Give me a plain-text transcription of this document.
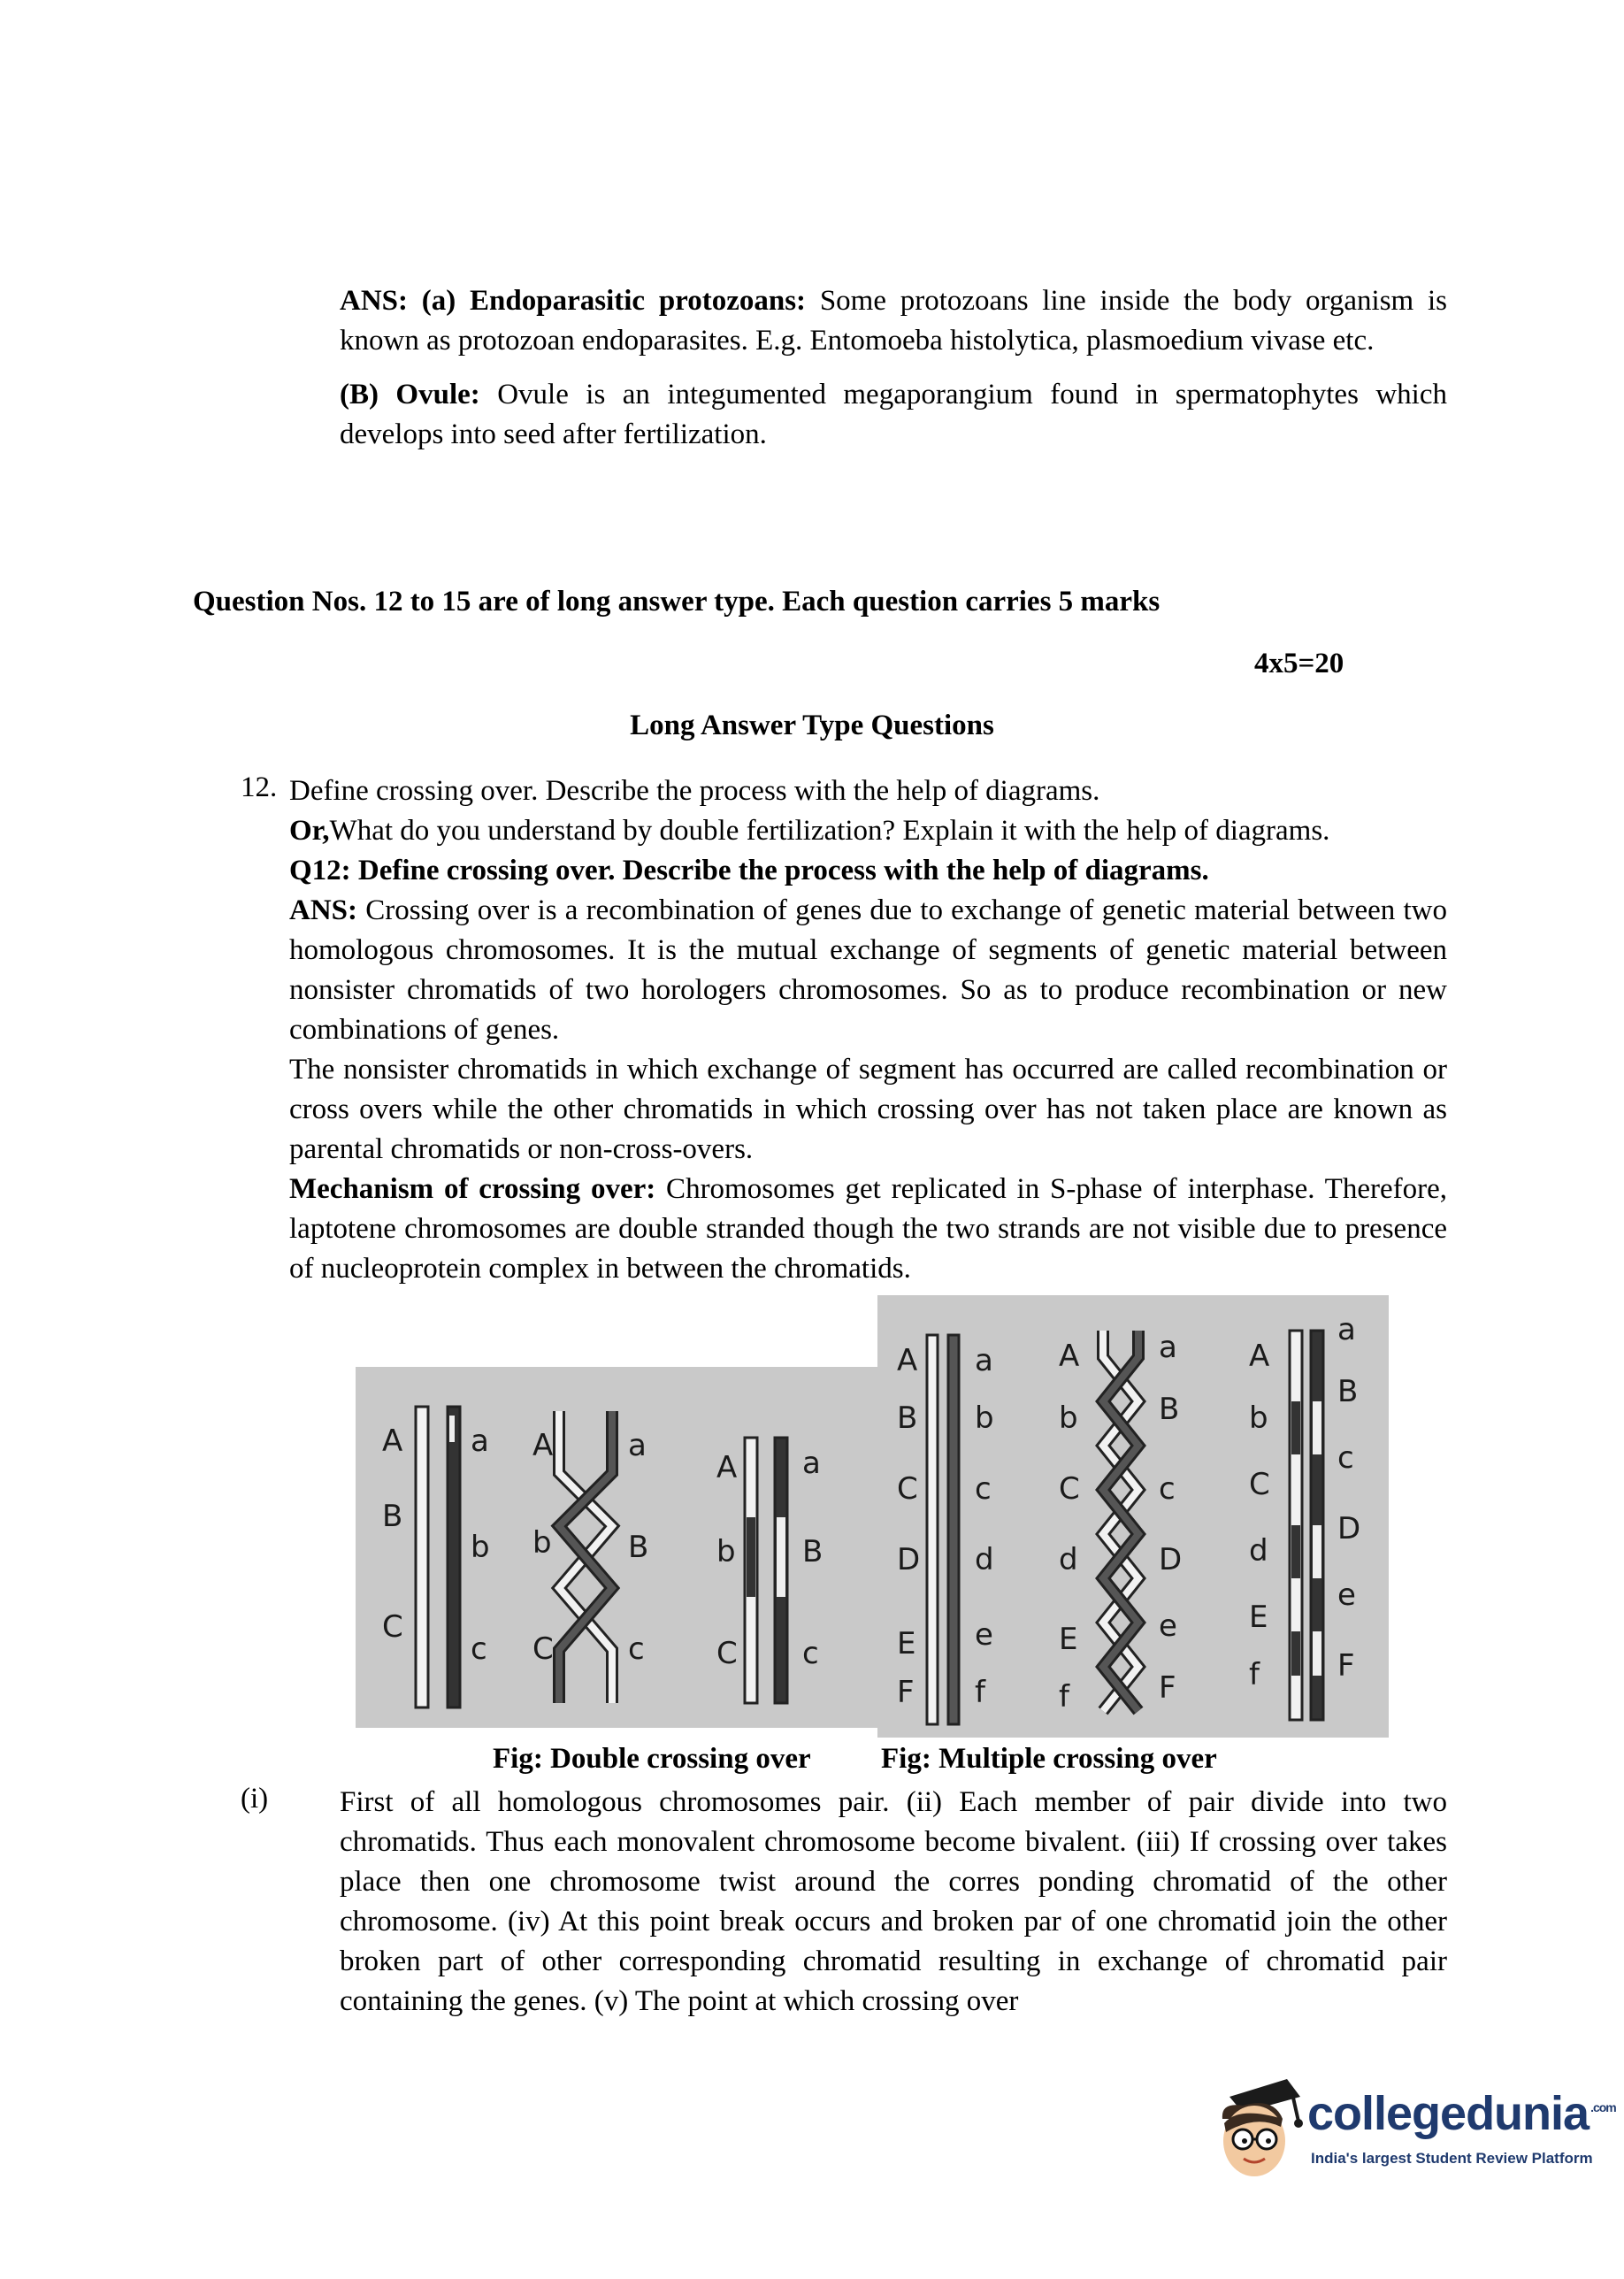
ANS: (a) Endoparasitic protozoans: Some protozoans line inside the body organism is known as protozoan endoparasites. E.g. Entomoeba histolytica, plasmoedium vivase etc.

(B) Ovule: Ovule is an integumented megaporangium found in spermatophytes which develops into seed after fertilization.

Question Nos. 12 to 15 are of long answer type. Each question carries 5 marks
4x5=20
Long Answer Type Questions
12. Define crossing over. Describe the process with the help of diagrams.

Or,What do you understand by double fertilization? Explain it with the help of diagrams.

Q12: Define crossing over. Describe the process with the help of diagrams.

ANS: Crossing over is a recombination of genes due to exchange of genetic material between two homologous chromosomes. It is the mutual exchange of segments of genetic material between nonsister chromatids of two horologers chromosomes. So as to produce recombination or new combinations of genes.

The nonsister chromatids in which exchange of segment has occurred are called recombination or cross overs while the other chromatids in which crossing over has not taken place are known as parental chromatids or non-cross-overs.

Mechanism of crossing over: Chromosomes get replicated in S-phase of interphase. Therefore, laptotene chromosomes are double stranded though the two strands are not visible due to presence of nucleoprotein complex in between the chromatids.

A
B
C
a
b
c
A
b
C
a
B
c
A
b
C
a
B
c
A
B
C
D
E
F
a
b
c
d
e
f
A
b
C
d
E
f
a
B
c
D
e
F
A
b
C
d
E
f
a
B
c
D
e
F
Fig: Double crossing over Fig: Multiple crossing over
(i) First of all homologous chromosomes pair. (ii) Each member of pair divide into two chromatids. Thus each monovalent chromosome become bivalent. (iii) If crossing over takes place then one chromosome twist around the corres ponding chromatid of the other chromosome. (iv) At this point break occurs and broken par of one chromatid join the other broken part of other corresponding chromatid resulting in exchange of chromatid pair containing the genes. (v) The point at which crossing over
collegedunia $^{.com}$
India's largest Student Review Platform
